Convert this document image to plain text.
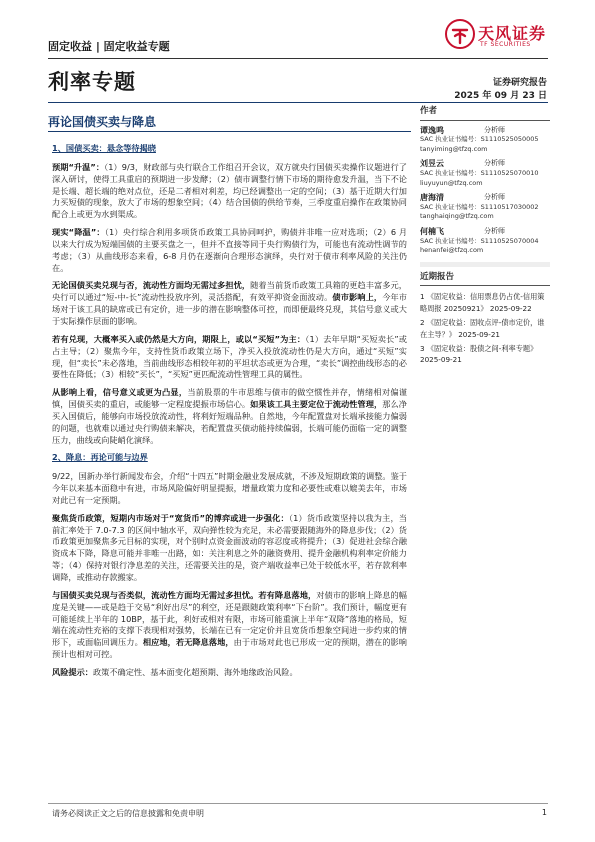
固定收益 | 固定收益专题
天风证券
TF SECURITIES
利率专题	证券研究报告
2025 年 09 月 23 日
再论国债买卖与降息

1、国债买卖：悬念等待揭晓

预期“升温”：（1）9/3，财政部与央行联合工作组召开会议，双方就央行国债买卖操作议题进行了深入研讨，使得工具重启的预期进一步发酵；（2）债市调整行情下市场的期待愈发升温，当下不论是长端、超长端的绝对点位，还是二者相对利差，均已经调整出一定的空间；（3）基于近期大行加力买短债的现象，放大了市场的想象空间；（4）结合国债的供给节奏，三季度重启操作在政策协同配合上或更为水到渠成。

现实“降温”：（1）央行综合利用多项货币政策工具协同呵护，购债并非唯一应对选项；（2）6 月以来大行成为短端国债的主要买盘之一，但并不直接等同于央行购债行为，可能也有流动性调节的考虑；（3）从曲线形态来看，6-8 月仍在逐渐向合理形态演绎，央行对于债市利率风险的关注仍在。

无论国债买卖兑现与否，流动性方面均无需过多担忧，随着当前货币政策工具箱的更趋丰富多元，央行可以通过“短-中-长”流动性投放序列，灵活搭配，有效平抑资金面波动。债市影响上，今年市场对于该工具的缺席或已有定价，进一步的潜在影响整体可控，而即便最终兑现，其信号意义或大于实际操作层面的影响。

若有兑现，大概率买入或仍然是大方向，期限上，或以“买短”为主：（1）去年早期“买短卖长”或占主导；（2）聚焦今年，支持性货币政策立场下，净买入投放流动性仍是大方向，通过“买短”实现，但“卖长”未必落地，当前曲线形态相较年初的平坦状态或更为合理，“卖长”调控曲线形态的必要性在降低；（3）相较“买长”，“买短”更匹配流动性管理工具的属性。

从影响上看，信号意义或更为凸显，当前股票的牛市思维与债市的做空惯性并存，情绪相对偏谨慎，国债买卖的重启，或能够一定程度提振市场信心。如果该工具主要定位于流动性管理，那么净买入国债后，能够向市场投放流动性，将利好短端品种。自然地，今年配置盘对长端承接能力偏弱的问题，也就难以通过央行购债来解决，若配置盘买债动能持续偏弱，长端可能仍面临一定的调整压力，曲线或向陡峭化演绎。

2、降息：再论可能与边界

9/22，国新办举行新闻发布会，介绍“十四五”时期金融业发展成就，不涉及短期政策的调整。鉴于今年以来基本面稳中有进，市场风险偏好明显提振，增量政策力度和必要性或难以媲美去年，市场对此已有一定预期。

聚焦货币政策，短期内市场对于“宽货币”的博弈或进一步强化：（1）货币政策坚持以我为主，当前汇率处于 7.0-7.3 的区间中轴水平，双向弹性较为充足，未必需要跟随海外的降息步伐；（2）货币政策更加聚焦多元目标的实现，对个别时点资金面波动的容忍度或将提升；（3）促进社会综合融资成本下降，降息可能并非唯一出路，如：关注利息之外的融资费用、提升金融机构利率定价能力等；（4）保持对银行净息差的关注，还需要关注的是，资产端收益率已处于较低水平，若存款利率调降，或推动存款搬家。

与国债买卖兑现与否类似，流动性方面均无需过多担忧。若有降息落地，对债市的影响上降息的幅度是关键——或是趋于交易“利好出尽”的利空，还是跟随政策利率“下台阶”。我们预计，幅度更有可能延续上半年的 10BP，基于此，利好或相对有限，市场可能重演上半年“双降”落地的格局，短端在流动性充裕的支撑下表现相对强势，长端在已有一定定价并且宽货币想象空间进一步约束的情形下，或面临回调压力。相应地，若无降息落地，由于市场对此也已形成一定的预期，潜在的影响预计也相对可控。

风险提示：政策不确定性、基本面变化超预期、海外地缘政治风险。

作者
谭逸鸣	分析师
SAC 执业证书编号：S1110525050005
tanyiming@tfzq.com
刘昱云	分析师
SAC 执业证书编号：S1110525070010
liuyuyun@tfzq.com
唐海清	分析师
SAC 执业证书编号：S1110517030002
tanghaiqing@tfzq.com
何楠飞	分析师
SAC 执业证书编号：S1110525070004
henanfei@tfzq.com
近期报告
1 《固定收益：信用票息仍占优-信用策略周报 20250921》 2025-09-22
2 《固定收益：固收点评-债市定价，谁在主导？》 2025-09-21
3 《固定收益：股债之间-利率专题》 2025-09-21
请务必阅读正文之后的信息披露和免责申明	1
